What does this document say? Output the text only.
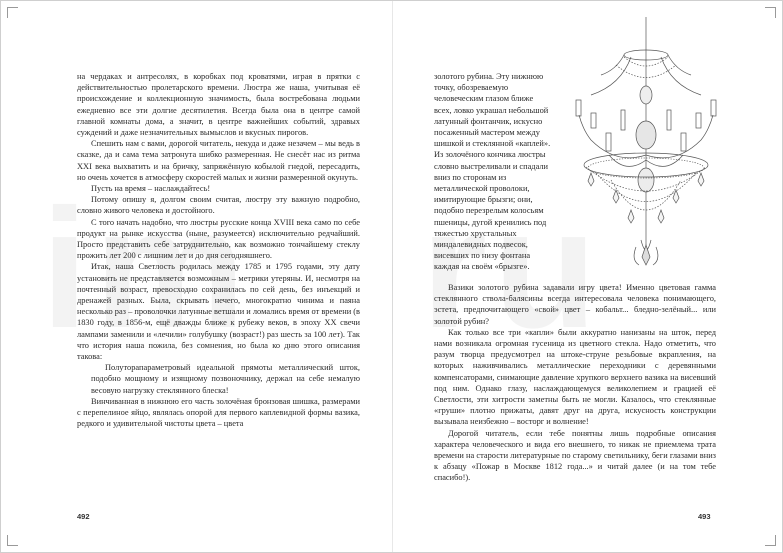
на чердаках и антресолях, в коробках под кроватями, играя в прятки с действительностью пролетарского времени. Люстра же наша, учитывая её происхождение и коллекционную значимость, была востребована людьми ежедневно все эти долгие десятилетия. Всегда была она в центре самой главной комнаты дома, а значит, в центре важнейших событий, здравых суждений и даже незначительных вымыслов и вкусных пирогов.

Спешить нам с вами, дорогой читатель, некуда и даже незачем – мы ведь в сказке, да и сама тема затронута шибко размеренная. Не снесёт нас из ритма XXI века выхватить и на бричку, запряжённую кобылой гнедой, пересадить, но очень хочется в атмосферу скоростей малых и жизни размеренной окунуть.

Пусть на время – наслаждайтесь!

Потому опишу я, долгом своим считая, люстру эту важную подробно, словно живого человека и достойного.

С того начать надобно, что люстры русские конца XVIII века само по себе продукт на рынке искусства (ныне, разумеется) исключительно редчайший. Просто представить себе затруднительно, как возможно тончайшему стеклу прожить лет 200 с лишним лет и до дня сегодняшнего.

Итак, наша Светлость родилась между 1785 и 1795 годами, эту дату установить не представляется возможным – метрики утеряны. И, несмотря на почтенный возраст, превосходно сохранилась по сей день, без инъекций и дренажей разных. Была, скрывать нечего, многократно чинима и паяна несколько раз – проволочки латунные ветшали и ломались время от времени (в 1830 году, в 1856-м, ещё дважды ближе к рубежу веков, в эпоху XX свечи лампами заменили и «лечили» голубушку (возраст!) раз шесть за 100 лет). Так что история наша пожила, без сомнения, но была ко дню этого описания такова:

Полуторапараметровый идеальной прямоты металлический шток, подобно мощному и изящному позвоночнику, держал на себе немалую весовую нагрузку стеклянного блеска!

Винчиванная в нижнюю его часть золочёная бронзовая шишка, размерами с перепелиное яйцо, являлась опорой для первого каплевидной формы вазика, редкого и удивительной чистоты цвета – цвета

492

золотого рубина. Эту нижнюю точку, обозреваемую человеческим глазом ближе всех, ловко украшал небольшой латунный фонтанчик, искусно посаженный мастером между шишкой и стеклянной «каплей». Из золочёного кончика люстры словно выстреливали и спадали вниз по сторонам из металлической проволоки, имитирующие брызги; они, подобно перезрелым колосьям пшеницы, дугой кренились под тяжестью хрустальных миндалевидных подвесок, висевших по низу фонтана каждая на своём «брызге».

Вазики золотого рубина задавали игру цвета! Именно цветовая гамма стеклянного ствола-балясины всегда интересовала человека понимающего, эстета, предпочитающего «свой» цвет – кобальт... бледно-зелёный... или золотой рубин?

Как только все три «капли» были аккуратно нанизаны на шток, перед нами возникала огромная гусеница из цветного стекла. Надо отметить, что разум творца предусмотрел на штоке-струне резьбовые вкрапления, на которых наживчивались металлические переходники с деревянными компенсаторами, снимающие давление хрупкого верхнего вазика на висевший под ним. Однако глазу, наслаждающемуся великолепием и грацией её Светлости, эти хитрости заметны быть не могли. Казалось, что стеклянные «груши» плотно прижаты, давят друг на друга, искусность конструкции вызывала неизбежно – восторг и волнение!

Дорогой читатель, если тебе понятны лишь подробные описания характера человеческого и вида его внешнего, то никак не приемлема трата времени на старости литературные по старому светильнику, беги глазами вниз к абзацу «Пожар в Москве 1812 года...» и читай далее (и на том тебе спасибо!).

493
